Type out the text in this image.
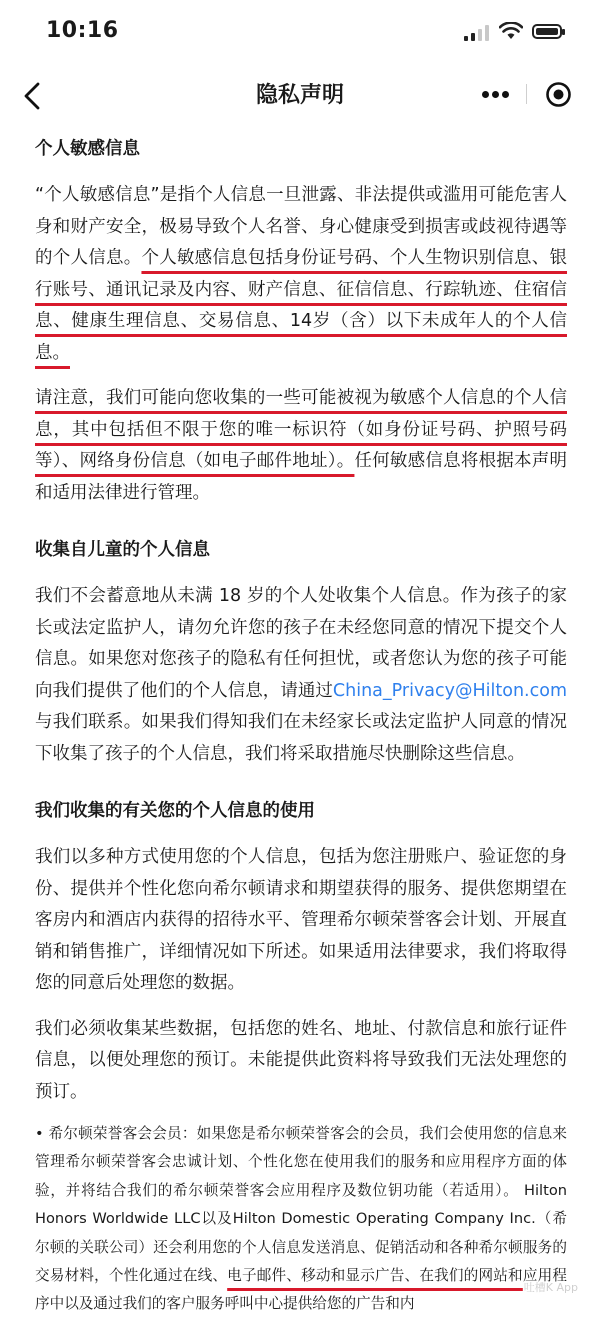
10:16
隐私声明
个人敏感信息
“个人敏感信息”是指个人信息一旦泄露、非法提供或滥用可能危害人身和财产安全，极易导致个人名誉、身心健康受到损害或歧视待遇等的个人信息。个人敏感信息包括身份证号码、个人生物识别信息、银行账号、通讯记录及内容、财产信息、征信信息、行踪轨迹、住宿信息、健康生理信息、交易信息、14岁（含）以下未成年人的个人信息。
请注意，我们可能向您收集的一些可能被视为敏感个人信息的个人信息，其中包括但不限于您的唯一标识符（如身份证号码、护照号码等）、网络身份信息（如电子邮件地址）。任何敏感信息将根据本声明和适用法律进行管理。
收集自儿童的个人信息
我们不会蓄意地从未满 18 岁的个人处收集个人信息。作为孩子的家长或法定监护人，请勿允许您的孩子在未经您同意的情况下提交个人信息。如果您对您孩子的隐私有任何担忧，或者您认为您的孩子可能向我们提供了他们的个人信息，请通过China_Privacy@Hilton.com与我们联系。如果我们得知我们在未经家长或法定监护人同意的情况下收集了孩子的个人信息，我们将采取措施尽快删除这些信息。
我们收集的有关您的个人信息的使用
我们以多种方式使用您的个人信息，包括为您注册账户、验证您的身份、提供并个性化您向希尔顿请求和期望获得的服务、提供您期望在客房内和酒店内获得的招待水平、管理希尔顿荣誉客会计划、开展直销和销售推广，详细情况如下所述。如果适用法律要求，我们将取得您的同意后处理您的数据。
我们必须收集某些数据，包括您的姓名、地址、付款信息和旅行证件信息，以便处理您的预订。未能提供此资料将导致我们无法处理您的预订。
• 希尔顿荣誉客会会员：如果您是希尔顿荣誉客会的会员，我们会使用您的信息来管理希尔顿荣誉客会忠诚计划、个性化您在使用我们的服务和应用程序方面的体验，并将结合我们的希尔顿荣誉客会应用程序及数位钥功能（若适用）。 Hilton Honors Worldwide LLC以及Hilton Domestic Operating Company Inc.（希尔顿的关联公司）还会利用您的个人信息发送消息、促销活动和各种希尔顿服务的交易材料，个性化通过在线、电子邮件、移动和显示广告、在我们的网站和应用程序中以及通过我们的客户服务呼叫中心提供给您的广告和内
吐槽K App
